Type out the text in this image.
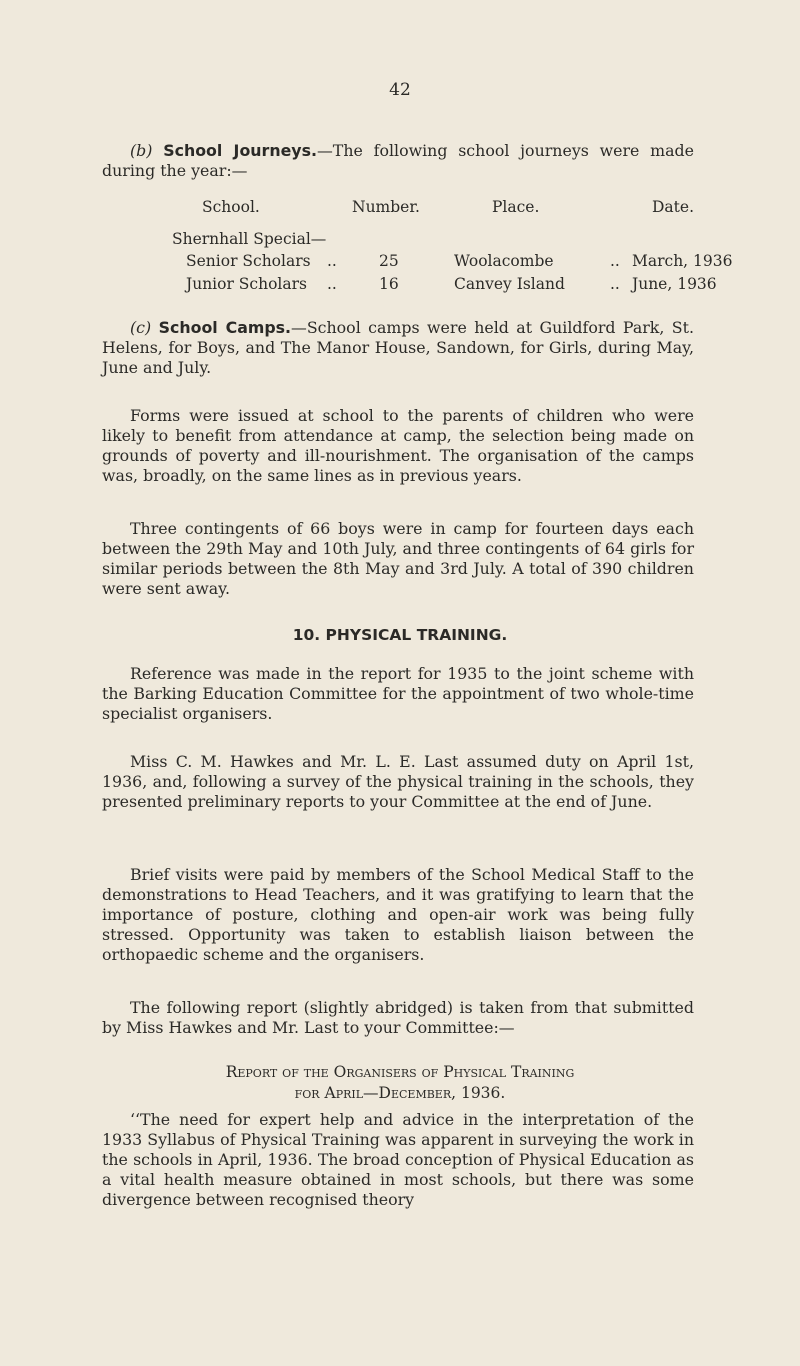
42

(b) School Journeys.—The following school journeys were made during the year:—

School.	Number.	Place.	Date.
Shernhall Special—
Senior Scholars ..	25	Woolacombe	.. March, 1936
Junior Scholars ..	16	Canvey Island	.. June, 1936

(c) School Camps.—School camps were held at Guildford Park, St. Helens, for Boys, and The Manor House, Sandown, for Girls, during May, June and July.

Forms were issued at school to the parents of children who were likely to benefit from attendance at camp, the selection being made on grounds of poverty and ill-nourishment. The organisation of the camps was, broadly, on the same lines as in previous years.

Three contingents of 66 boys were in camp for fourteen days each between the 29th May and 10th July, and three contingents of 64 girls for similar periods between the 8th May and 3rd July. A total of 390 children were sent away.

10. PHYSICAL TRAINING.

Reference was made in the report for 1935 to the joint scheme with the Barking Education Committee for the appointment of two whole-time specialist organisers.

Miss C. M. Hawkes and Mr. L. E. Last assumed duty on April 1st, 1936, and, following a survey of the physical training in the schools, they presented preliminary reports to your Committee at the end of June.

Brief visits were paid by members of the School Medical Staff to the demonstrations to Head Teachers, and it was gratifying to learn that the importance of posture, clothing and open-air work was being fully stressed. Opportunity was taken to establish liaison between the orthopaedic scheme and the organisers.

The following report (slightly abridged) is taken from that submitted by Miss Hawkes and Mr. Last to your Committee:—

Report of the Organisers of Physical Training
for April—December, 1936.

‘‘The need for expert help and advice in the interpretation of the 1933 Syllabus of Physical Training was apparent in surveying the work in the schools in April, 1936. The broad conception of Physical Education as a vital health measure obtained in most schools, but there was some divergence between recognised theory
